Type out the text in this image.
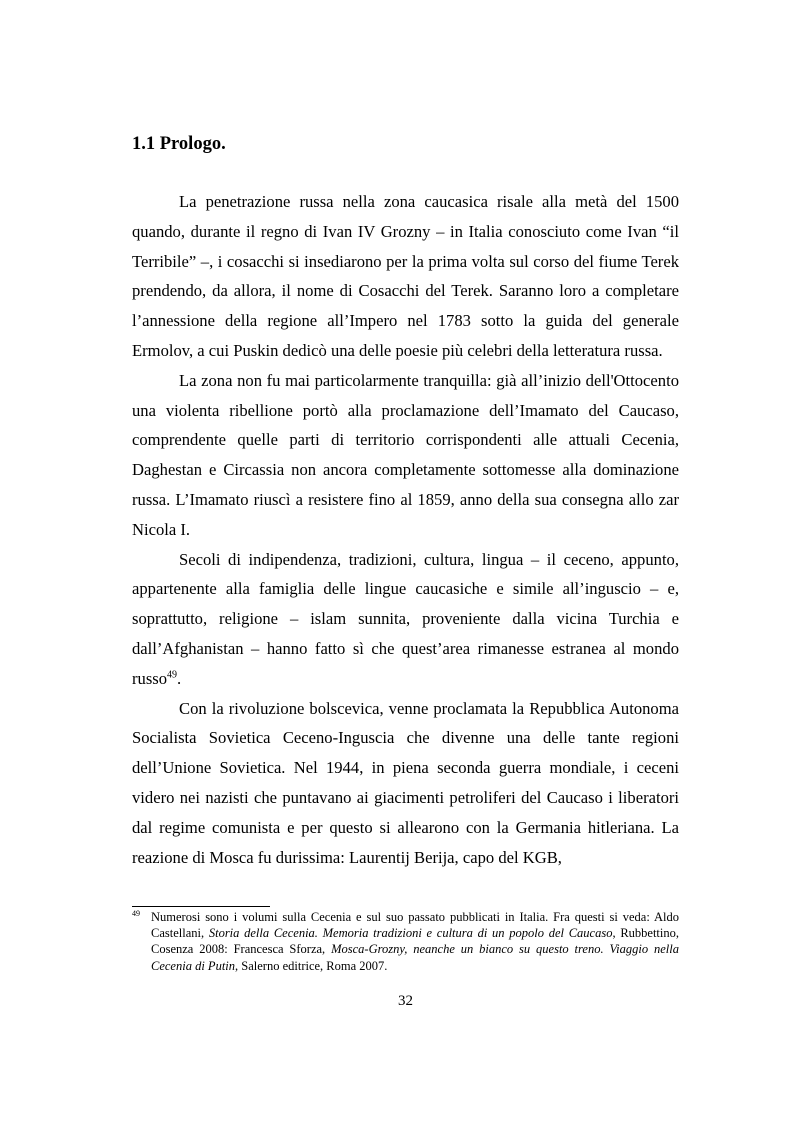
1.1 Prologo.

La penetrazione russa nella zona caucasica risale alla metà del 1500 quando, durante il regno di Ivan IV Grozny – in Italia conosciuto come Ivan “il Terribile” –, i cosacchi si insediarono per la prima volta sul corso del fiume Terek prendendo, da allora, il nome di Cosacchi del Terek. Saranno loro a completare l’annessione della regione all’Impero nel 1783 sotto la guida del generale Ermolov, a cui Puskin dedicò una delle poesie più celebri della letteratura russa.

La zona non fu mai particolarmente tranquilla: già all’inizio dell'Ottocento una violenta ribellione portò alla proclamazione dell’Imamato del Caucaso, comprendente quelle parti di territorio corrispondenti alle attuali Cecenia, Daghestan e Circassia non ancora completamente sottomesse alla dominazione russa. L’Imamato riuscì a resistere fino al 1859, anno della sua consegna allo zar Nicola I.

Secoli di indipendenza, tradizioni, cultura, lingua – il ceceno, appunto, appartenente alla famiglia delle lingue caucasiche e simile all’inguscio – e, soprattutto, religione – islam sunnita, proveniente dalla vicina Turchia e dall’Afghanistan – hanno fatto sì che quest’area rimanesse estranea al mondo russo$^{49}$.

Con la rivoluzione bolscevica, venne proclamata la Repubblica Autonoma Socialista Sovietica Ceceno-Inguscia che divenne una delle tante regioni dell’Unione Sovietica. Nel 1944, in piena seconda guerra mondiale, i ceceni videro nei nazisti che puntavano ai giacimenti petroliferi del Caucaso i liberatori dal regime comunista e per questo si allearono con la Germania hitleriana. La reazione di Mosca fu durissima: Laurentij Berija, capo del KGB,

49 Numerosi sono i volumi sulla Cecenia e sul suo passato pubblicati in Italia. Fra questi si veda: Aldo Castellani, Storia della Cecenia. Memoria tradizioni e cultura di un popolo del Caucaso, Rubbettino, Cosenza 2008: Francesca Sforza, Mosca-Grozny, neanche un bianco su questo treno. Viaggio nella Cecenia di Putin, Salerno editrice, Roma 2007.

32
